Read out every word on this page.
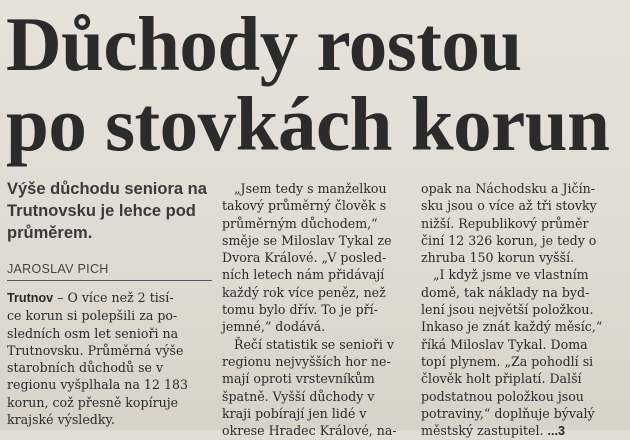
Důchody rostou
po stovkách korun
Výše důchodu seniora na Trutnovsku je lehce pod průměrem.
JAROSLAV PICH

Trutnov – O více než 2 tisí-

ce korun si polepšili za po-

sledních osm let senioři na

Trutnovsku. Průměrná výše

starobních důchodů se v

regionu vyšplhala na 12 183

korun, což přesně kopíruje

krajské výsledky.

„Jsem tedy s manželkou

takový průměrný člověk s

průměrným důchodem,“

směje se Miloslav Tykal ze

Dvora Králové. „V posled-

ních letech nám přidávají

každý rok více peněz, než

tomu bylo dřív. To je pří-

jemné,“ dodává.

Řečí statistik se senioři v

regionu nejvyšších hor ne-

mají oproti vrstevníkům

špatně. Vyšší důchody v

kraji pobírají jen lidé v

okrese Hradec Králové, na-

opak na Náchodsku a Jičín-

sku jsou o více až tři stovky

nižší. Republikový průměr

činí 12 326 korun, je tedy o

zhruba 150 korun vyšší.

„I když jsme ve vlastním

domě, tak náklady na byd-

lení jsou největší položkou.

Inkaso je znát každý měsíc,“

říká Miloslav Tykal. Doma

topí plynem. „Za pohodlí si

člověk holt připlatí. Další

podstatnou položkou jsou

potraviny,“ doplňuje bývalý

městský zastupitel. ...3
